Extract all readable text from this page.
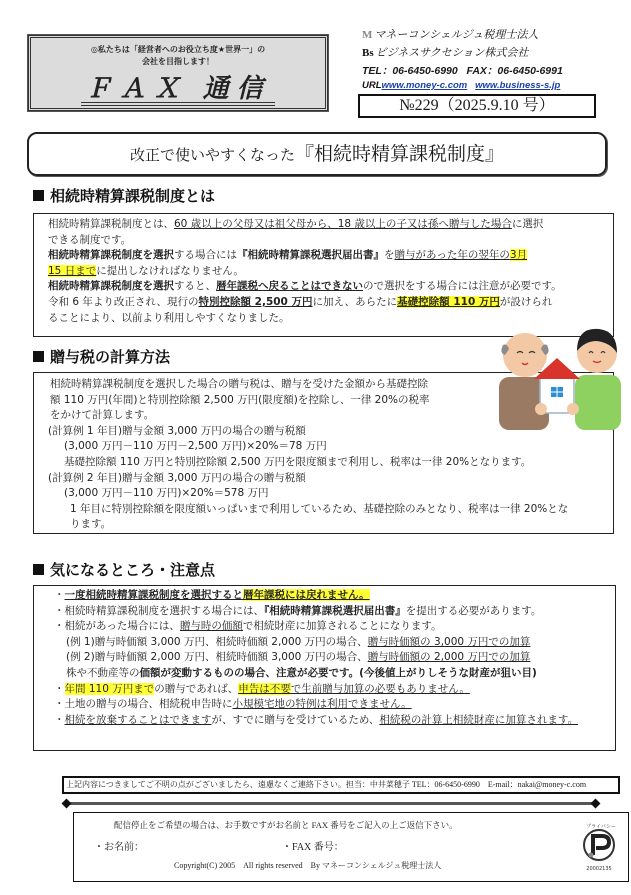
◎私たちは「経営者へのお役立ち度★世界一」の
会社を目指します！
ＦＡＸ 通信
M マネーコンシェルジュ税理士法人
Bs ビジネスサクセション株式会社
TEL：06-6450-6990 FAX：06-6450-6991
URLwww.money-c.com www.business-s.jp
№229（2025.9.10 号）
改正で使いやすくなった『相続時精算課税制度』
相続時精算課税制度とは
相続時精算課税制度とは、60 歳以上の父母又は祖父母から、18 歳以上の子又は孫へ贈与した場合に選択
できる制度です。
相続時精算課税制度を選択する場合には『相続時精算課税選択届出書』を贈与があった年の翌年の3月
15 日までに提出しなければなりません。
相続時精算課税制度を選択すると、暦年課税へ戻ることはできないので選択をする場合には注意が必要です。
令和 6 年より改正され、現行の特別控除額 2,500 万円に加え、あらたに基礎控除額 110 万円が設けられ
ることにより、以前より利用しやすくなりました。
贈与税の計算方法
相続時精算課税制度を選択した場合の贈与税は、贈与を受けた金額から基礎控除
額 110 万円(年間)と特別控除額 2,500 万円(限度額)を控除し、一律 20%の税率
をかけて計算します。
(計算例 1 年目)贈与金額 3,000 万円の場合の贈与税額
(3,000 万円－110 万円－2,500 万円)×20%＝78 万円
基礎控除額 110 万円と特別控除額 2,500 万円を限度額まで利用し、税率は一律 20%となります。
(計算例 2 年目)贈与金額 3,000 万円の場合の贈与税額
(3,000 万円－110 万円)×20%＝578 万円
1 年目に特別控除額を限度額いっぱいまで利用しているため、基礎控除のみとなり、税率は一律 20%とな
ります。
気になるところ・注意点
・一度相続時精算課税制度を選択すると暦年課税には戻れません。
・相続時精算課税制度を選択する場合には、『相続時精算課税選択届出書』を提出する必要があります。
・相続があった場合には、贈与時の価額で相続財産に加算されることになります。
(例 1)贈与時価額 3,000 万円、相続時価額 2,000 万円の場合、贈与時価額の 3,000 万円での加算
(例 2)贈与時価額 2,000 万円、相続時価額 3,000 万円の場合、贈与時価額の 2,000 万円での加算
株や不動産等の価額が変動するものの場合、注意が必要です。(今後値上がりしそうな財産が狙い目)
・年間 110 万円までの贈与であれば、申告は不要で生前贈与加算の必要もありません。
・土地の贈与の場合、相続税申告時に小規模宅地の特例は利用できません。
・相続を放棄することはできますが、すでに贈与を受けているため、相続税の計算上相続財産に加算されます。
上記内容につきましてご不明の点がございましたら、遠慮なくご連絡下さい。担当：中井菜穂子 TEL：06-6450-6990　E-mail：nakai@money-c.com
配信停止をご希望の場合は、お手数ですがお名前と FAX 番号をご記入の上ご返信下さい。
・お名前：	・FAX 番号：
Copyright(C) 2005　All rights reserved　By マネーコンシェルジュ税理士法人
プライバシー
20002135
